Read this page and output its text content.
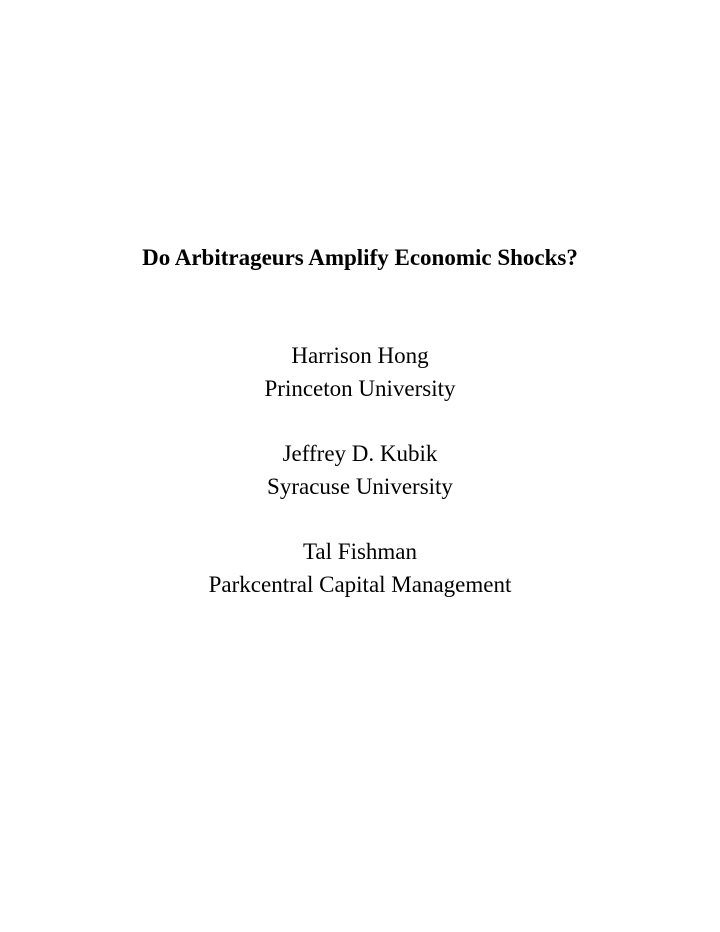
Do Arbitrageurs Amplify Economic Shocks?
Harrison Hong
Princeton University
Jeffrey D. Kubik
Syracuse University
Tal Fishman
Parkcentral Capital Management
